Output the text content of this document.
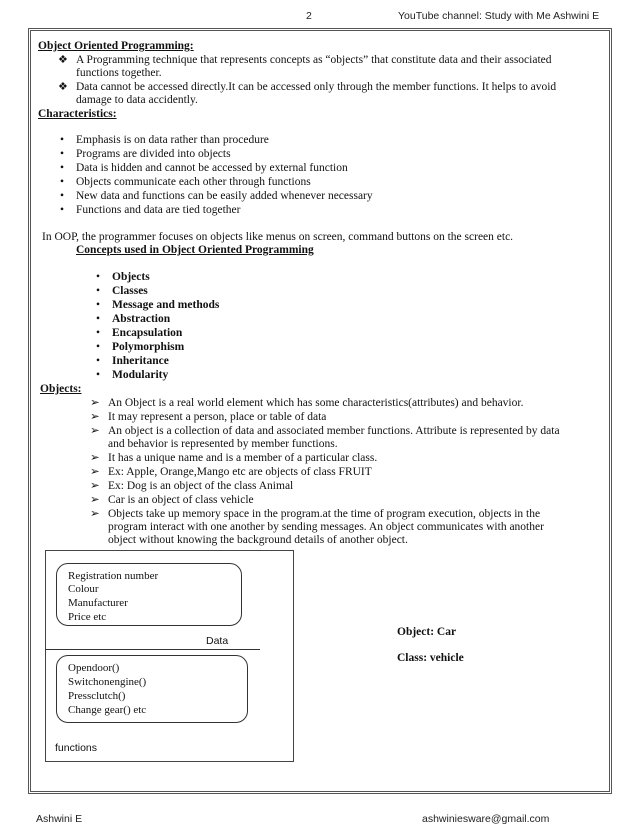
2	YouTube channel: Study with Me Ashwini E
Object Oriented Programming:
❖ A Programming technique that represents concepts as “objects” that constitute data and their associated
functions together.
❖ Data cannot be accessed directly.It can be accessed only through the member functions. It helps to avoid
damage to data accidently.
Characteristics:
• Emphasis is on data rather than procedure
• Programs are divided into objects
• Data is hidden and cannot be accessed by external function
• Objects communicate each other through functions
• New data and functions can be easily added whenever necessary
• Functions and data are tied together
In OOP, the programmer focuses on objects like menus on screen, command buttons on the screen etc.
Concepts used in Object Oriented Programming
• Objects
• Classes
• Message and methods
• Abstraction
• Encapsulation
• Polymorphism
• Inheritance
• Modularity
Objects:
➢ An Object is a real world element which has some characteristics(attributes) and behavior.
➢ It may represent a person, place or table of data
➢ An object is a collection of data and associated member functions. Attribute is represented by data
and behavior is represented by member functions.
➢ It has a unique name and is a member of a particular class.
➢ Ex: Apple, Orange,Mango etc are objects of class FRUIT
➢ Ex: Dog is an object of the class Animal
➢ Car is an object of class vehicle
➢ Objects take up memory space in the program.at the time of program execution, objects in the
program interact with one another by sending messages. An object communicates with another
object without knowing the background details of another object.
Registration number
Colour
Manufacturer
Price etc
Data
Opendoor()
Switchonengine()
Pressclutch()
Change gear() etc
functions
Object: Car
Class: vehicle
Ashwini E	ashwiniesware@gmail.com
